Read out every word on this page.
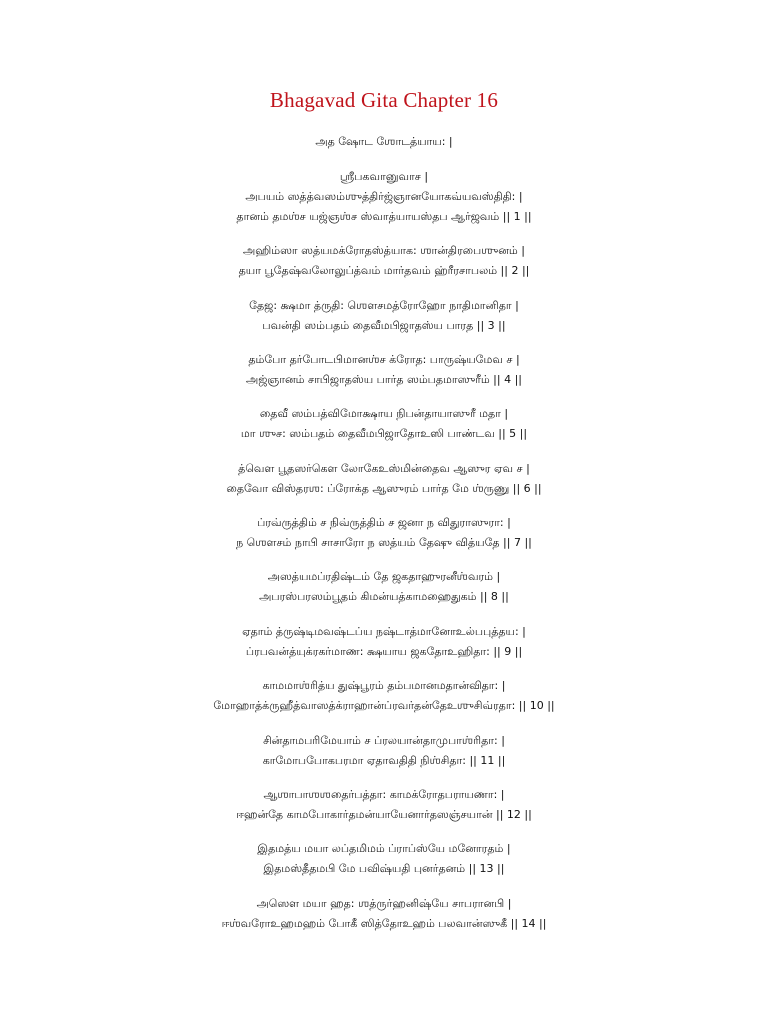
Bhagavad Gita Chapter 16
அத ஷோட ஶோடத்யாய꞉ |
ஶ்ரீபகவானுவாச |
அபயம் ஸத்த்வஸம்ஶுத்திர்ஜ்ஞானயோகவ்யவஸ்திதி꞉ |
தானம் தமஶ்ச யஜ்ஞஶ்ச ஸ்வாத்யாயஸ்தப ஆர்ஜவம் || 1 ||
அஹிம்ஸா ஸத்யமக்ரோதஸ்த்யாக꞉ ஶான்திரபைஶுனம் |
தயா பூதேஷ்வலோலுப்த்வம் மார்தவம் ஹ்ரீரசாபலம் || 2 ||
தேஜ꞉ க்ஷமா த்ருதி꞉ ஶௌசமத்ரோஹோ நாதிமானிதா |
பவன்தி ஸம்பதம் தைவீமபிஜாதஸ்ய பாரத || 3 ||
தம்போ தர்போடபிமானஶ்ச க்ரோத꞉ பாருஷ்யமேவ ச |
அஜ்ஞானம் சாபிஜாதஸ்ய பார்த ஸம்பதமாஸுரீம் || 4 ||
தைவீ ஸம்பத்விமோக்ஷாய நிபன்தாயாஸுரீ மதா |
மா ஶுச꞉ ஸம்பதம் தைவீமபிஜாதோஉஸி பாண்டவ || 5 ||
த்வௌ பூதஸர்கௌ லோகேஉஸ்மின்தைவ ஆஸுர ஏவ ச |
தைவோ விஸ்தரஶ꞉ ப்ரோக்த ஆஸுரம் பார்த மே ஶ்ருணு || 6 ||
ப்ரவ்ருத்திம் ச நிவ்ருத்திம் ச ஜனா ந விதுராஸுரா꞉ |
ந ஶௌசம் நாபி சாசாரோ ந ஸத்யம் தேஷு வித்யதே || 7 ||
அஸத்யமப்ரதிஷ்டம் தே ஜகதாஹுரனீஶ்வரம் |
அபரஸ்பரஸம்பூதம் கிமன்யத்காமஹைதுகம் || 8 ||
ஏதாம் த்ருஷ்டிமவஷ்டப்ய நஷ்டாத்மானோஉல்பபுத்தய꞉ |
ப்ரபவன்த்யுக்ரகர்மாண꞉ க்ஷயாய ஜகதோஉஹிதா꞉ || 9 ||
காமமாஶ்ரித்ய துஷ்பூரம் தம்பமானமதான்விதா꞉ |
மோஹாத்க்ருஹீத்வாஸத்க்ராஹான்ப்ரவர்தன்தேஉஶுசிவ்ரதா꞉ || 10 ||
சின்தாமபரிமேயாம் ச ப்ரலயான்தாமுபாஶ்ரிதா꞉ |
காமோபபோகபரமா ஏதாவதிதி நிஶ்சிதா꞉ || 11 ||
ஆஶாபாஶஶதைர்பத்தா꞉ காமக்ரோதபராயணா꞉ |
ஈஹன்தே காமபோகார்தமன்யாயேனார்தஸஞ்சயான் || 12 ||
இதமத்ய மயா லப்தமிமம் ப்ராப்ஸ்யே மனோரதம் |
இதமஸ்தீதமபி மே பவிஷ்யதி புனர்தனம் || 13 ||
அஸௌ மயா ஹத꞉ ஶத்ருர்ஹனிஷ்யே சாபரானபி |
ஈஶ்வரோஉஹமஹம் போகீ ஸித்தோஉஹம் பலவான்ஸுகீ || 14 ||
